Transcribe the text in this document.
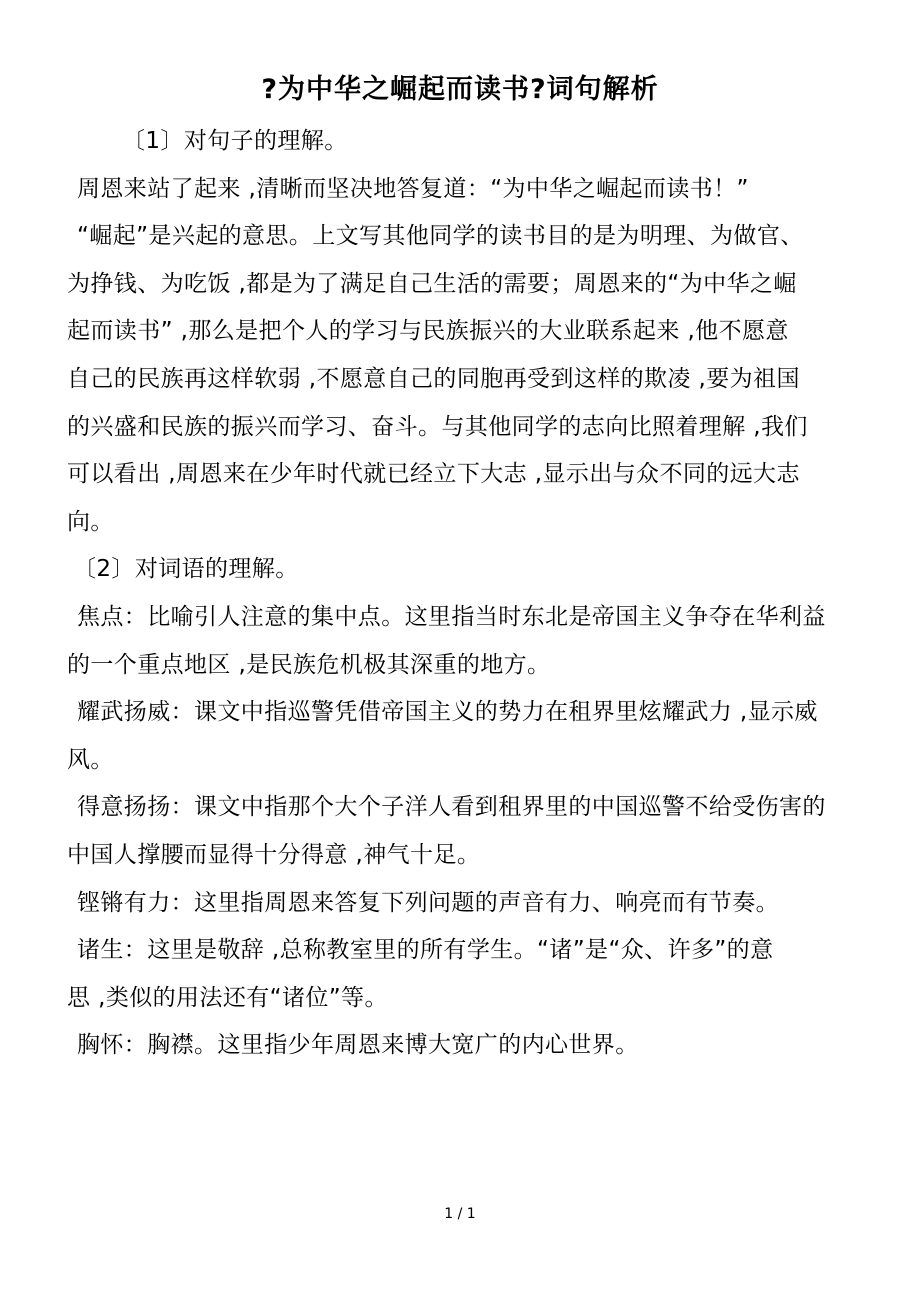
?为中华之崛起而读书?词句解析
〔1〕对句子的理解。
周恩来站了起来 ,清晰而坚决地答复道：“为中华之崛起而读书！”
“崛起”是兴起的意思。上文写其他同学的读书目的是为明理、为做官、
为挣钱、为吃饭 ,都是为了满足自己生活的需要；周恩来的“为中华之崛
起而读书” ,那么是把个人的学习与民族振兴的大业联系起来 ,他不愿意
自己的民族再这样软弱 ,不愿意自己的同胞再受到这样的欺凌 ,要为祖国
的兴盛和民族的振兴而学习、奋斗。与其他同学的志向比照着理解 ,我们
可以看出 ,周恩来在少年时代就已经立下大志 ,显示出与众不同的远大志
向。
〔2〕对词语的理解。
焦点：比喻引人注意的集中点。这里指当时东北是帝国主义争夺在华利益
的一个重点地区 ,是民族危机极其深重的地方。
耀武扬威：课文中指巡警凭借帝国主义的势力在租界里炫耀武力 ,显示威
风。
得意扬扬：课文中指那个大个子洋人看到租界里的中国巡警不给受伤害的
中国人撑腰而显得十分得意 ,神气十足。
铿锵有力：这里指周恩来答复下列问题的声音有力、响亮而有节奏。
诸生：这里是敬辞 ,总称教室里的所有学生。“诸”是“众、许多”的意
思 ,类似的用法还有“诸位”等。
胸怀：胸襟。这里指少年周恩来博大宽广的内心世界。
1 / 1
